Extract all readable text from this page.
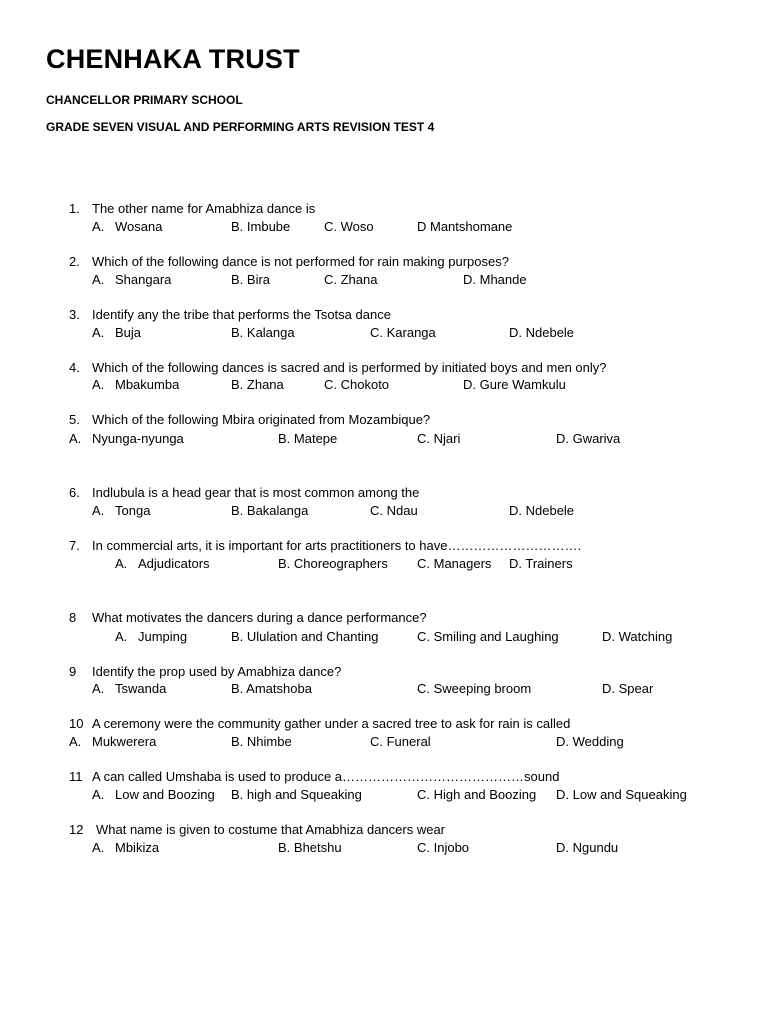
CHENHAKA TRUST
CHANCELLOR PRIMARY SCHOOL
GRADE SEVEN VISUAL AND PERFORMING ARTS REVISION TEST 4
1. The other name for Amabhiza dance is
A. Wosana	B. Imbube	C. Woso	D Mantshomane
2. Which of the following dance is not performed for rain making purposes?
A. Shangara	B. Bira	C. Zhana	D. Mhande
3. Identify any the tribe that performs the Tsotsa dance
A. Buja	B. Kalanga	C. Karanga	D. Ndebele
4. Which of the following dances is sacred and is performed by initiated boys and men only?
A. Mbakumba	B. Zhana	C. Chokoto	D. Gure Wamkulu
5. Which of the following Mbira originated from Mozambique?
A. Nyunga-nyunga	B. Matepe	C. Njari	D. Gwariva
6. Indlubula is a head gear that is most common among the
A. Tonga	B. Bakalanga	C. Ndau	D. Ndebele
7. In commercial arts, it is important for arts practitioners to have………………………….
A. Adjudicators	B. Choreographers C. Managers D. Trainers
8 What motivates the dancers during a dance performance?
A. Jumping	B. Ululation and Chanting	C. Smiling and Laughing	D. Watching
9 Identify the prop used by Amabhiza dance?
A. Tswanda	B. Amatshoba	C. Sweeping broom	D. Spear
10 A ceremony were the community gather under a sacred tree to ask for rain is called
A. Mukwerera	B. Nhimbe	C. Funeral	D. Wedding
11 A can called Umshaba is used to produce a……………………………………sound
A. Low and Boozing B. high and Squeaking	C. High and Boozing D. Low and Squeaking
12 What name is given to costume that Amabhiza dancers wear
A. Mbikiza	B. Bhetshu	C. Injobo	D. Ngundu
